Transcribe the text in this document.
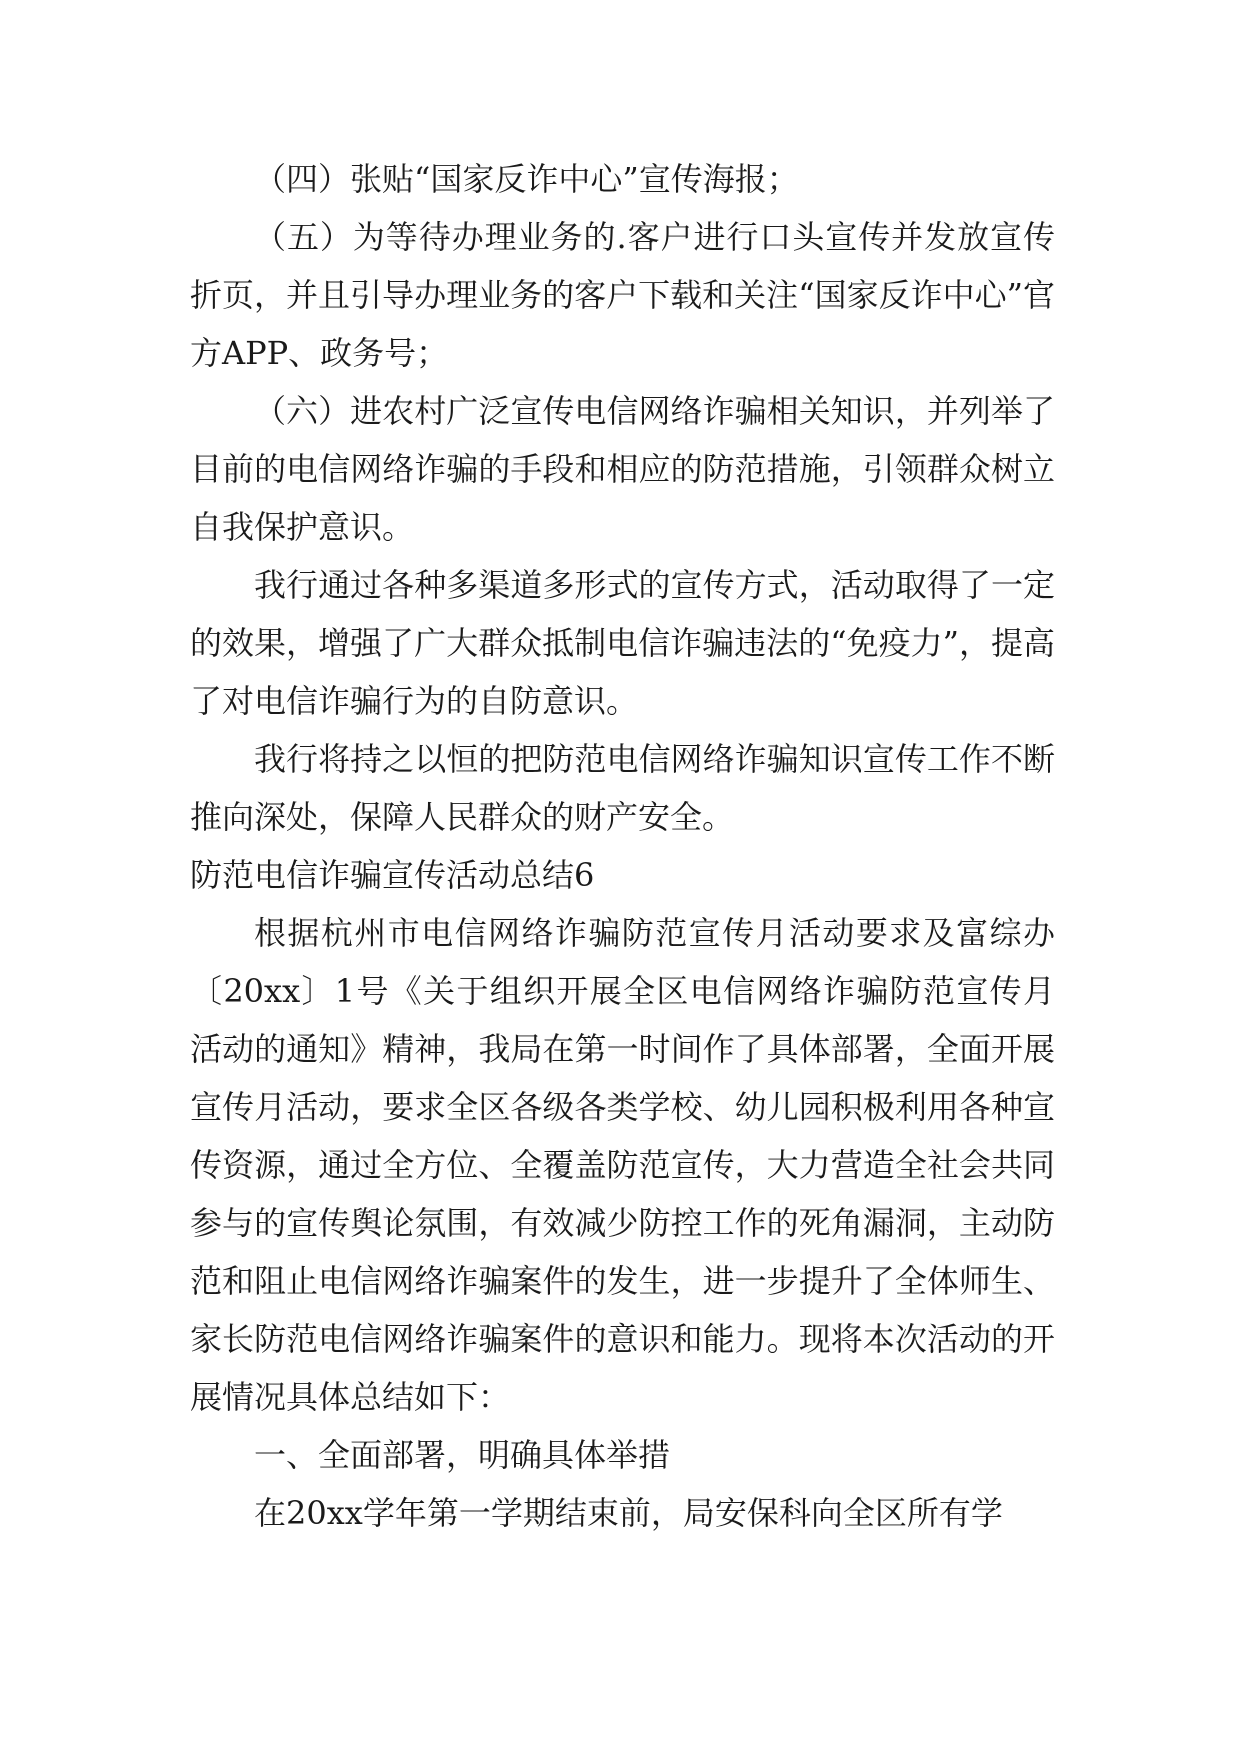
（四）张贴“国家反诈中心”宣传海报；

（五）为等待办理业务的.客户进行口头宣传并发放宣传折页，并且引导办理业务的客户下载和关注“国家反诈中心”官方APP、政务号；

（六）进农村广泛宣传电信网络诈骗相关知识，并列举了目前的电信网络诈骗的手段和相应的防范措施，引领群众树立自我保护意识。

我行通过各种多渠道多形式的宣传方式，活动取得了一定的效果，增强了广大群众抵制电信诈骗违法的“免疫力”，提高了对电信诈骗行为的自防意识。

我行将持之以恒的把防范电信网络诈骗知识宣传工作不断推向深处，保障人民群众的财产安全。

防范电信诈骗宣传活动总结6

根据杭州市电信网络诈骗防范宣传月活动要求及富综办〔20xx〕1号《关于组织开展全区电信网络诈骗防范宣传月活动的通知》精神，我局在第一时间作了具体部署，全面开展宣传月活动，要求全区各级各类学校、幼儿园积极利用各种宣传资源，通过全方位、全覆盖防范宣传，大力营造全社会共同参与的宣传舆论氛围，有效减少防控工作的死角漏洞，主动防范和阻止电信网络诈骗案件的发生，进一步提升了全体师生、家长防范电信网络诈骗案件的意识和能力。现将本次活动的开展情况具体总结如下：

一、全面部署，明确具体举措

在20xx学年第一学期结束前，局安保科向全区所有学
